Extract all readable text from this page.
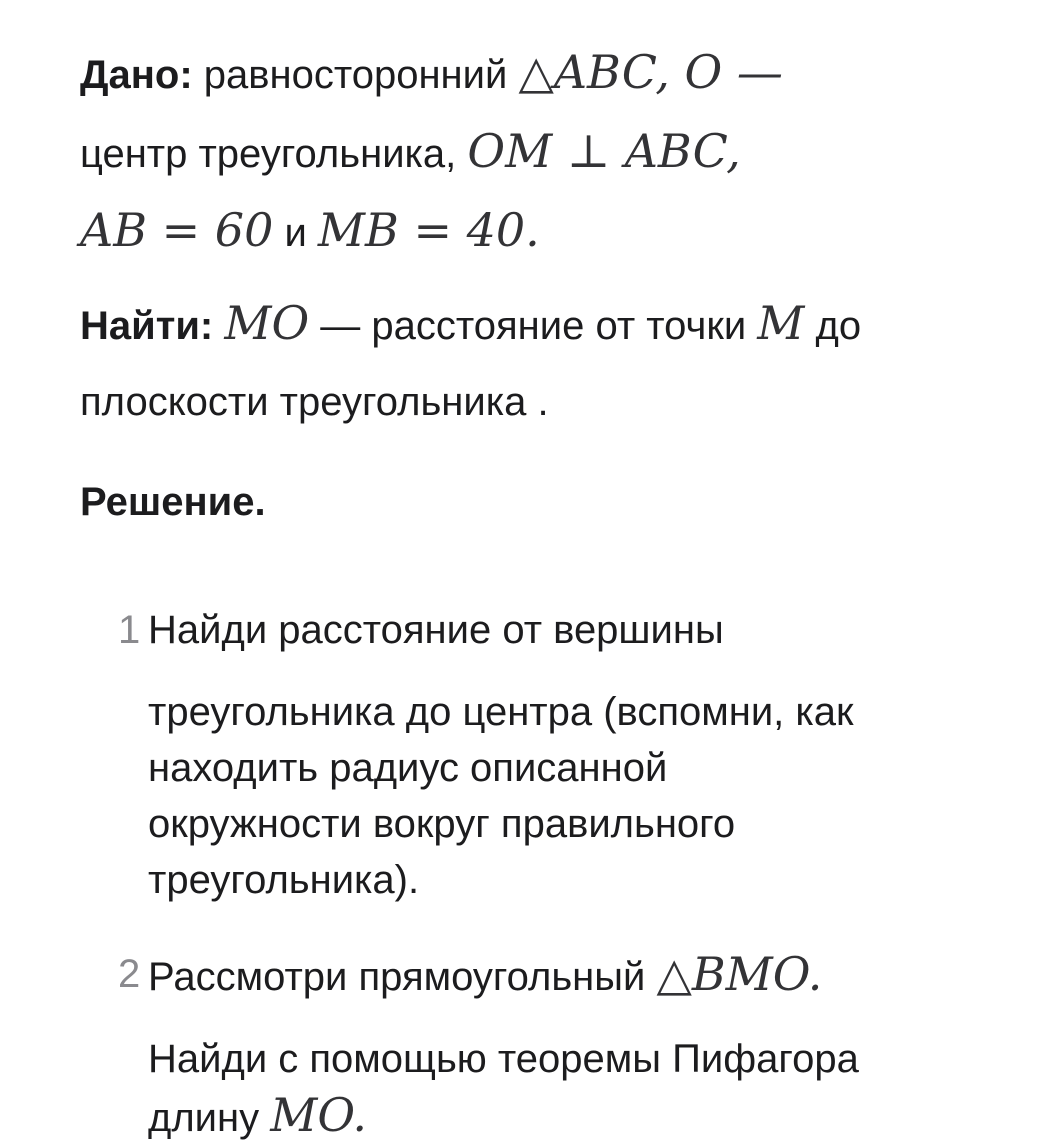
Дано: равносторонний △ABC, O —
центр треугольника, OM ⊥ ABC,
AB = 60 и MB = 40.
Найти: MO — расстояние от точки M до
плоскости треугольника .
Решение.
1 Найди расстояние от вершины

треугольника до центра (вспомни, как
находить радиус описанной
окружности вокруг правильного
треугольника).

2 Рассмотри прямоугольный △BMO.

Найди с помощью теоремы Пифагора
длину MO.
